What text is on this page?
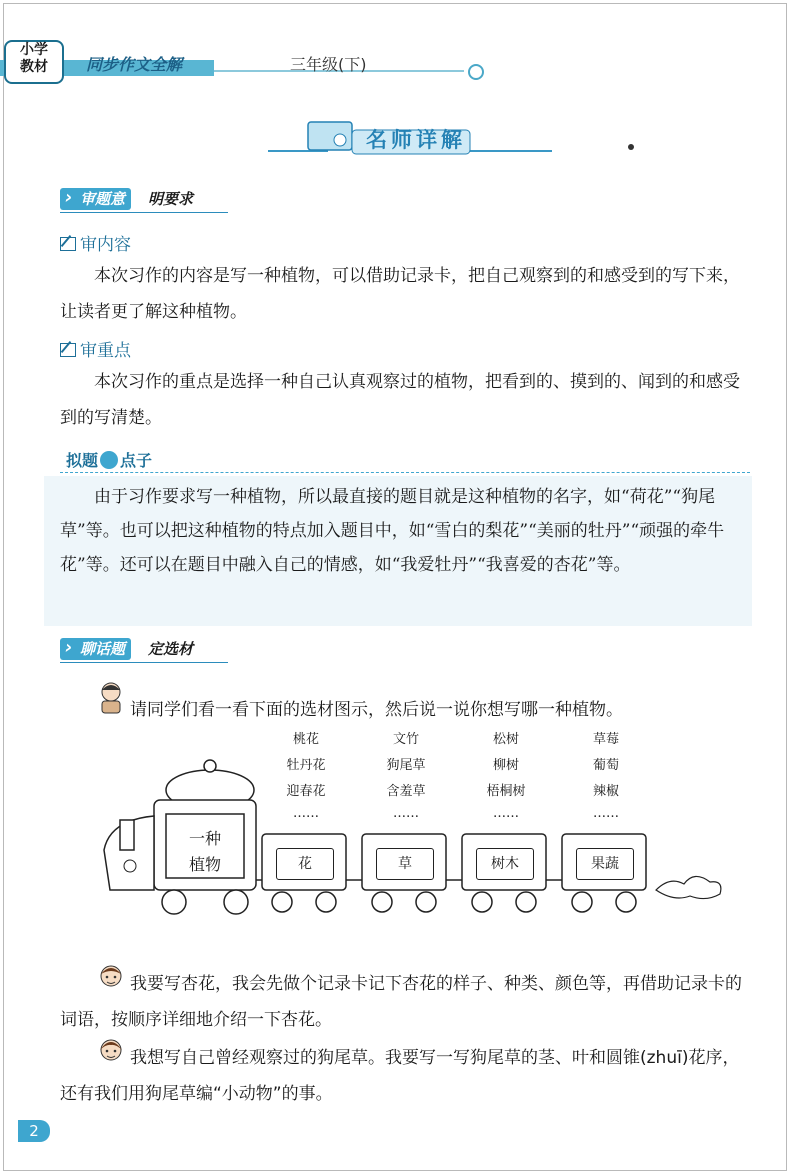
小学
教材	同步作文全解	三年级(下)
名师详解
› 审题意	明要求
审内容
本次习作的内容是写一种植物，可以借助记录卡，把自己观察到的和感受到的写下来，让读者更了解这种植物。
审重点
本次习作的重点是选择一种自己认真观察过的植物，把看到的、摸到的、闻到的和感受到的写清楚。
拟题 点子
由于习作要求写一种植物，所以最直接的题目就是这种植物的名字，如“荷花”“狗尾草”等。也可以把这种植物的特点加入题目中，如“雪白的梨花”“美丽的牡丹”“顽强的牵牛花”等。还可以在题目中融入自己的情感，如“我爱牡丹”“我喜爱的杏花”等。
› 聊话题	定选材
请同学们看一看下面的选材图示，然后说一说你想写哪一种植物。
桃花
牡丹花
迎春花
……
文竹
狗尾草
含羞草
……
松树
柳树
梧桐树
……
草莓
葡萄
辣椒
……
一种
植物	花	草	树木	果蔬
我要写杏花，我会先做个记录卡记下杏花的样子、种类、颜色等，再借助记录卡的词语，按顺序详细地介绍一下杏花。
我想写自己曾经观察过的狗尾草。我要写一写狗尾草的茎、叶和圆锥(zhuī)花序，还有我们用狗尾草编“小动物”的事。
2
